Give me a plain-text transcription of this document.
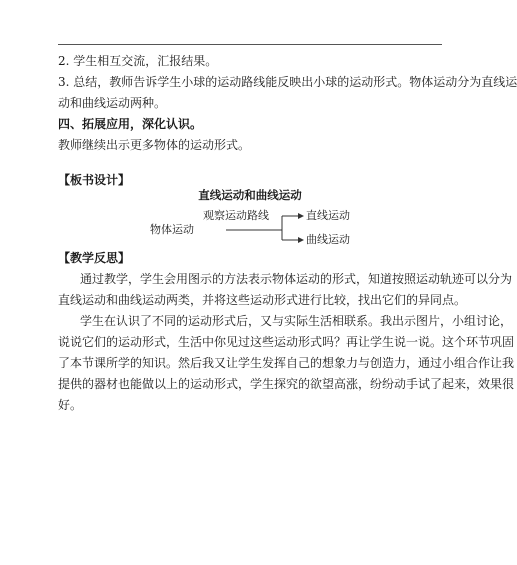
2. 学生相互交流，汇报结果。
3. 总结，教师告诉学生小球的运动路线能反映出小球的运动形式。物体运动分为直线运
动和曲线运动两种。
四、拓展应用，深化认识。
教师继续出示更多物体的运动形式。
【板书设计】
直线运动和曲线运动
物体运动
观察运动路线	直线运动
曲线运动
【教学反思】
通过教学，学生会用图示的方法表示物体运动的形式，知道按照运动轨迹可以分为
直线运动和曲线运动两类，并将这些运动形式进行比较，找出它们的异同点。
学生在认识了不同的运动形式后，又与实际生活相联系。我出示图片，小组讨论，
说说它们的运动形式，生活中你见过这些运动形式吗？再让学生说一说。这个环节巩固
了本节课所学的知识。然后我又让学生发挥自己的想象力与创造力，通过小组合作让我
提供的器材也能做以上的运动形式，学生探究的欲望高涨，纷纷动手试了起来，效果很
好。
